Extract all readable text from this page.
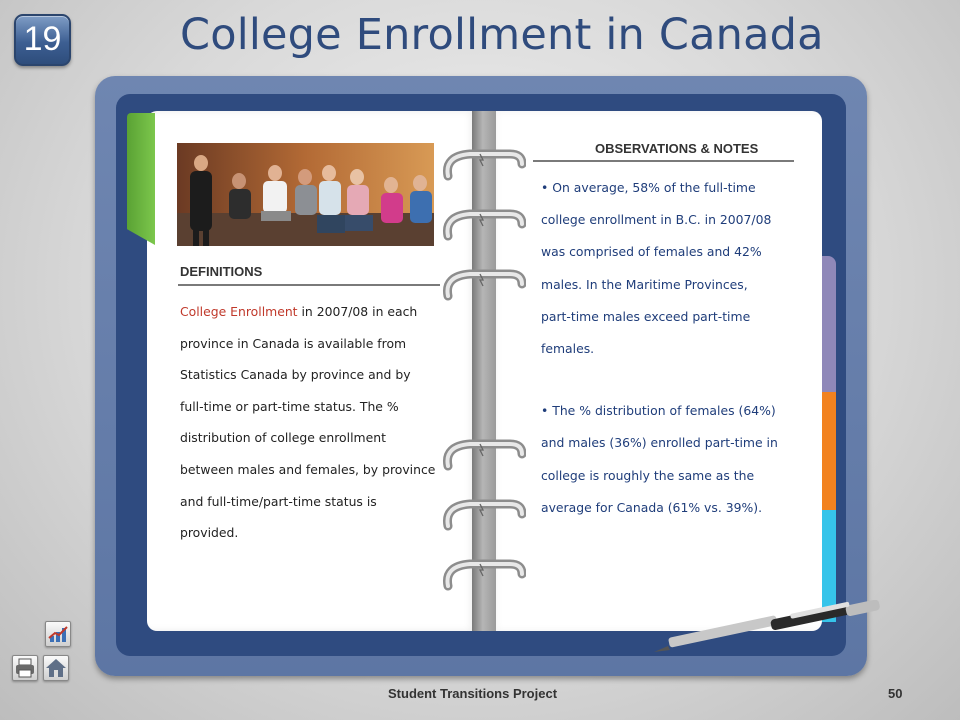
19	College Enrollment in Canada
DEFINITIONS
College Enrollment in 2007/08 in each province in Canada is available from Statistics Canada by province and by full-time or part-time status. The % distribution of college enrollment between males and females, by province and full-time/part-time status is provided.
OBSERVATIONS & NOTES

• On average, 58% of the full-time college enrollment in B.C. in 2007/08 was comprised of females and 42% males. In the Maritime Provinces, part-time males exceed part-time females.

• The % distribution of females (64%) and males (36%) enrolled part-time in college is roughly the same as the average for Canada (61% vs. 39%).

Student Transitions Project	50
